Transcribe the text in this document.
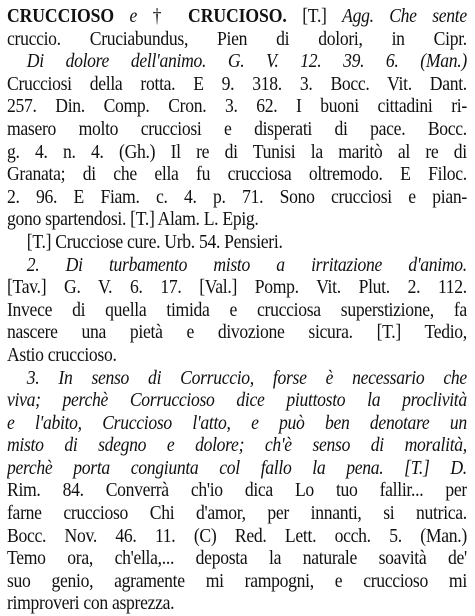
CRUCCIOSO e † CRUCIOSO. [T.] Agg. Che sente
cruccio. Cruciabundus, Pien di dolori, in Cipr.
Di dolore dell'animo. G. V. 12. 39. 6. (Man.)
Crucciosi della rotta. E 9. 318. 3. Bocc. Vit. Dant.
257. Din. Comp. Cron. 3. 62. I buoni cittadini ri-
masero molto crucciosi e disperati di pace. Bocc.
g. 4. n. 4. (Gh.) Il re di Tunisi la maritò al re di
Granata; di che ella fu crucciosa oltremodo. E Filoc.
2. 96. E Fiam. c. 4. p. 71. Sono crucciosi e pian-
gono spartendosi. [T.] Alam. L. Epig.
[T.] Crucciose cure. Urb. 54. Pensieri.
2. Di turbamento misto a irritazione d'animo.
[Tav.] G. V. 6. 17. [Val.] Pomp. Vit. Plut. 2. 112.
Invece di quella timida e crucciosa superstizione, fa
nascere una pietà e divozione sicura. [T.] Tedio,
Astio cruccioso.
3. In senso di Corruccio, forse è necessario che
viva; perchè Corruccioso dice piuttosto la proclività
e l'abito, Cruccioso l'atto, e può ben denotare un
misto di sdegno e dolore; ch'è senso di moralità,
perchè porta congiunta col fallo la pena. [T.] D.
Rim. 84. Converrà ch'io dica Lo tuo fallir... per
farne cruccioso Chi d'amor, per innanti, si nutrica.
Bocc. Nov. 46. 11. (C) Red. Lett. occh. 5. (Man.)
Temo ora, ch'ella,... deposta la naturale soavità de'
suo genio, agramente mi rampogni, e cruccioso mi
rimproveri con asprezza.
